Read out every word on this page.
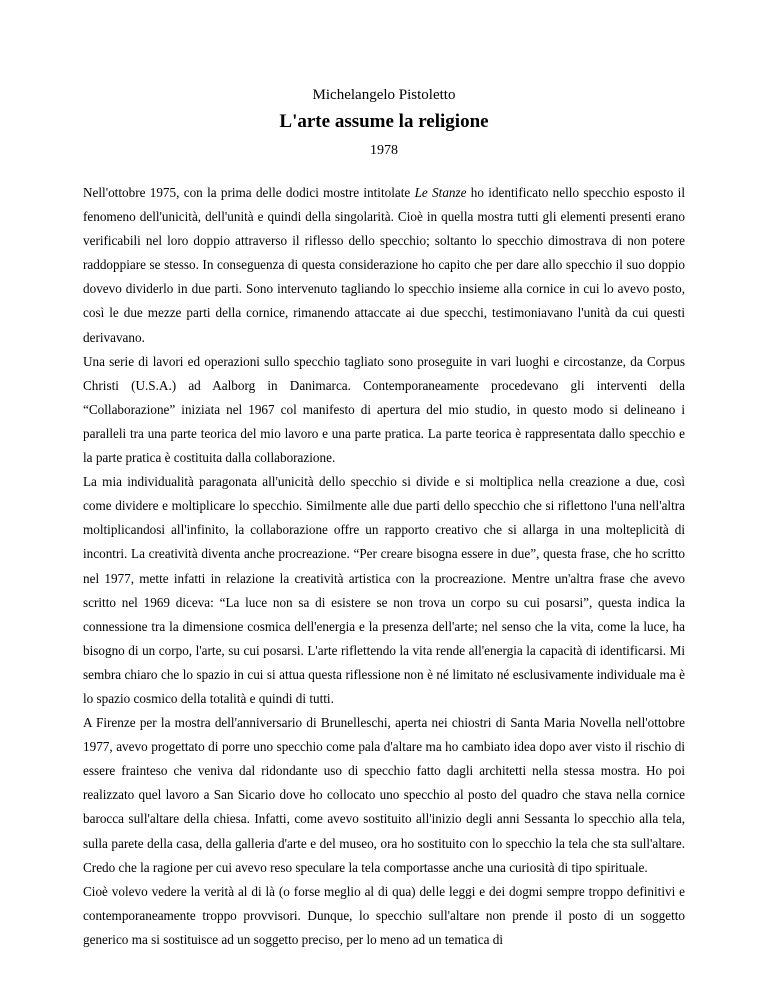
Michelangelo Pistoletto
L'arte assume la religione
1978

Nell'ottobre 1975, con la prima delle dodici mostre intitolate Le Stanze ho identificato nello specchio esposto il fenomeno dell'unicità, dell'unità e quindi della singolarità. Cioè in quella mostra tutti gli elementi presenti erano verificabili nel loro doppio attraverso il riflesso dello specchio; soltanto lo specchio dimostrava di non potere raddoppiare se stesso. In conseguenza di questa considerazione ho capito che per dare allo specchio il suo doppio dovevo dividerlo in due parti. Sono intervenuto tagliando lo specchio insieme alla cornice in cui lo avevo posto, così le due mezze parti della cornice, rimanendo attaccate ai due specchi, testimoniavano l'unità da cui questi derivavano.

Una serie di lavori ed operazioni sullo specchio tagliato sono proseguite in vari luoghi e circostanze, da Corpus Christi (U.S.A.) ad Aalborg in Danimarca. Contemporaneamente procedevano gli interventi della “Collaborazione” iniziata nel 1967 col manifesto di apertura del mio studio, in questo modo si delineano i paralleli tra una parte teorica del mio lavoro e una parte pratica. La parte teorica è rappresentata dallo specchio e la parte pratica è costituita dalla collaborazione.

La mia individualità paragonata all'unicità dello specchio si divide e si moltiplica nella creazione a due, così come dividere e moltiplicare lo specchio. Similmente alle due parti dello specchio che si riflettono l'una nell'altra moltiplicandosi all'infinito, la collaborazione offre un rapporto creativo che si allarga in una molteplicità di incontri. La creatività diventa anche procreazione. “Per creare bisogna essere in due”, questa frase, che ho scritto nel 1977, mette infatti in relazione la creatività artistica con la procreazione. Mentre un'altra frase che avevo scritto nel 1969 diceva: “La luce non sa di esistere se non trova un corpo su cui posarsi”, questa indica la connessione tra la dimensione cosmica dell'energia e la presenza dell'arte; nel senso che la vita, come la luce, ha bisogno di un corpo, l'arte, su cui posarsi. L'arte riflettendo la vita rende all'energia la capacità di identificarsi. Mi sembra chiaro che lo spazio in cui si attua questa riflessione non è né limitato né esclusivamente individuale ma è lo spazio cosmico della totalità e quindi di tutti.

A Firenze per la mostra dell'anniversario di Brunelleschi, aperta nei chiostri di Santa Maria Novella nell'ottobre 1977, avevo progettato di porre uno specchio come pala d'altare ma ho cambiato idea dopo aver visto il rischio di essere frainteso che veniva dal ridondante uso di specchio fatto dagli architetti nella stessa mostra. Ho poi realizzato quel lavoro a San Sicario dove ho collocato uno specchio al posto del quadro che stava nella cornice barocca sull'altare della chiesa. Infatti, come avevo sostituito all'inizio degli anni Sessanta lo specchio alla tela, sulla parete della casa, della galleria d'arte e del museo, ora ho sostituito con lo specchio la tela che sta sull'altare. Credo che la ragione per cui avevo reso speculare la tela comportasse anche una curiosità di tipo spirituale.

Cioè volevo vedere la verità al di là (o forse meglio al di qua) delle leggi e dei dogmi sempre troppo definitivi e contemporaneamente troppo provvisori. Dunque, lo specchio sull'altare non prende il posto di un soggetto generico ma si sostituisce ad un soggetto preciso, per lo meno ad un tematica di
